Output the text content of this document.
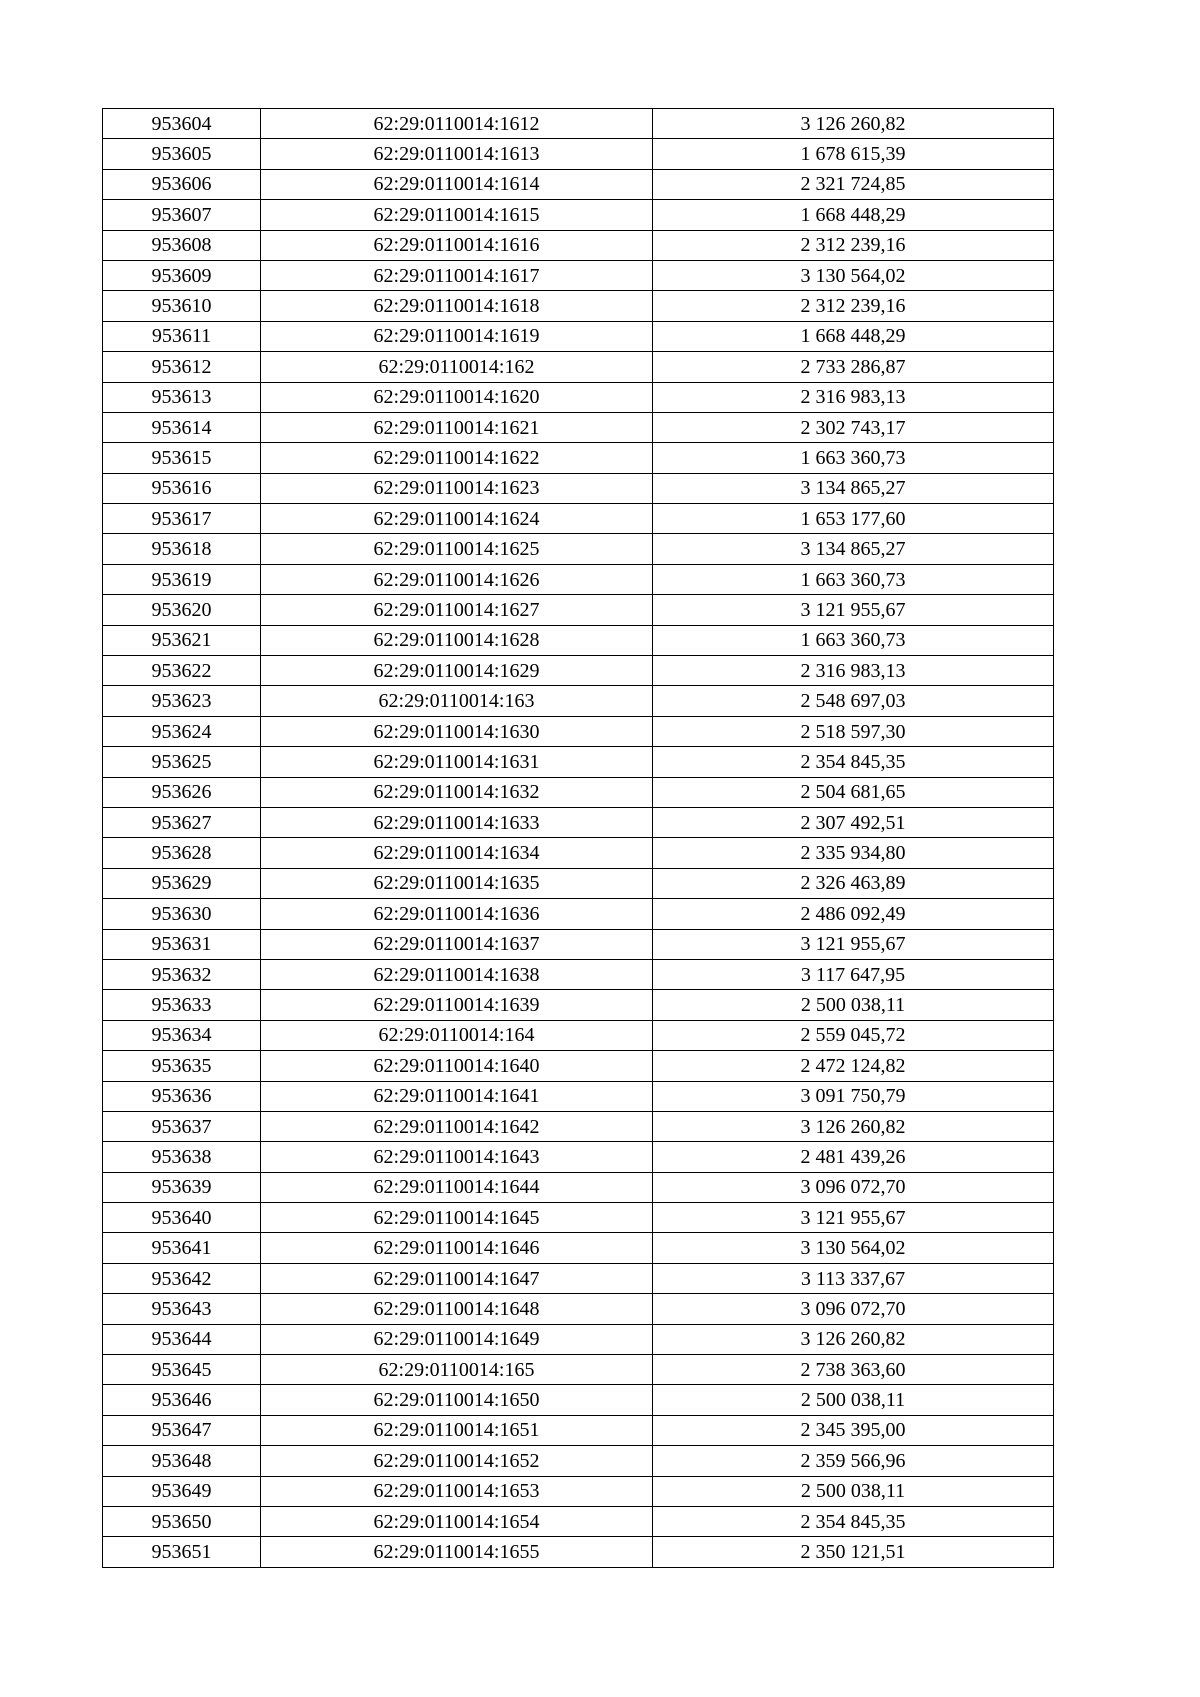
953604	62:29:0110014:1612	3 126 260,82
953605	62:29:0110014:1613	1 678 615,39
953606	62:29:0110014:1614	2 321 724,85
953607	62:29:0110014:1615	1 668 448,29
953608	62:29:0110014:1616	2 312 239,16
953609	62:29:0110014:1617	3 130 564,02
953610	62:29:0110014:1618	2 312 239,16
953611	62:29:0110014:1619	1 668 448,29
953612	62:29:0110014:162	2 733 286,87
953613	62:29:0110014:1620	2 316 983,13
953614	62:29:0110014:1621	2 302 743,17
953615	62:29:0110014:1622	1 663 360,73
953616	62:29:0110014:1623	3 134 865,27
953617	62:29:0110014:1624	1 653 177,60
953618	62:29:0110014:1625	3 134 865,27
953619	62:29:0110014:1626	1 663 360,73
953620	62:29:0110014:1627	3 121 955,67
953621	62:29:0110014:1628	1 663 360,73
953622	62:29:0110014:1629	2 316 983,13
953623	62:29:0110014:163	2 548 697,03
953624	62:29:0110014:1630	2 518 597,30
953625	62:29:0110014:1631	2 354 845,35
953626	62:29:0110014:1632	2 504 681,65
953627	62:29:0110014:1633	2 307 492,51
953628	62:29:0110014:1634	2 335 934,80
953629	62:29:0110014:1635	2 326 463,89
953630	62:29:0110014:1636	2 486 092,49
953631	62:29:0110014:1637	3 121 955,67
953632	62:29:0110014:1638	3 117 647,95
953633	62:29:0110014:1639	2 500 038,11
953634	62:29:0110014:164	2 559 045,72
953635	62:29:0110014:1640	2 472 124,82
953636	62:29:0110014:1641	3 091 750,79
953637	62:29:0110014:1642	3 126 260,82
953638	62:29:0110014:1643	2 481 439,26
953639	62:29:0110014:1644	3 096 072,70
953640	62:29:0110014:1645	3 121 955,67
953641	62:29:0110014:1646	3 130 564,02
953642	62:29:0110014:1647	3 113 337,67
953643	62:29:0110014:1648	3 096 072,70
953644	62:29:0110014:1649	3 126 260,82
953645	62:29:0110014:165	2 738 363,60
953646	62:29:0110014:1650	2 500 038,11
953647	62:29:0110014:1651	2 345 395,00
953648	62:29:0110014:1652	2 359 566,96
953649	62:29:0110014:1653	2 500 038,11
953650	62:29:0110014:1654	2 354 845,35
953651	62:29:0110014:1655	2 350 121,51
